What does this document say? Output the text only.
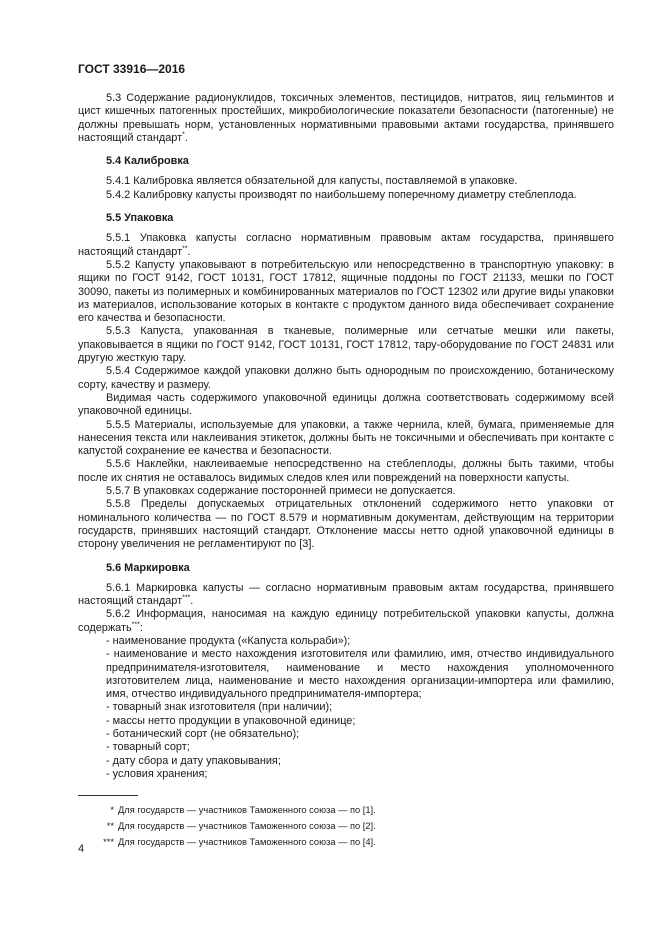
ГОСТ 33916—2016

5.3 Содержание радионуклидов, токсичных элементов, пестицидов, нитратов, яиц гельминтов и цист кишечных патогенных простейших, микробиологические показатели безопасности (патогенные) не должны превышать норм, установленных нормативными правовыми актами государства, принявшего настоящий стандарт*.

5.4 Калибровка

5.4.1 Калибровка является обязательной для капусты, поставляемой в упаковке.

5.4.2 Калибровку капусты производят по наибольшему поперечному диаметру стеблеплода.

5.5 Упаковка

5.5.1 Упаковка капусты согласно нормативным правовым актам государства, принявшего настоящий стандарт**.

5.5.2 Капусту упаковывают в потребительскую или непосредственно в транспортную упаковку: в ящики по ГОСТ 9142, ГОСТ 10131, ГОСТ 17812, ящичные поддоны по ГОСТ 21133, мешки по ГОСТ 30090, пакеты из полимерных и комбинированных материалов по ГОСТ 12302 или другие виды упаковки из материалов, использование которых в контакте с продуктом данного вида обеспечивает сохранение его качества и безопасности.

5.5.3 Капуста, упакованная в тканевые, полимерные или сетчатые мешки или пакеты, упаковывается в ящики по ГОСТ 9142, ГОСТ 10131, ГОСТ 17812, тару-оборудование по ГОСТ 24831 или другую жесткую тару.

5.5.4 Содержимое каждой упаковки должно быть однородным по происхождению, ботаническому сорту, качеству и размеру.

Видимая часть содержимого упаковочной единицы должна соответствовать содержимому всей упаковочной единицы.

5.5.5 Материалы, используемые для упаковки, а также чернила, клей, бумага, применяемые для нанесения текста или наклеивания этикеток, должны быть не токсичными и обеспечивать при контакте с капустой сохранение ее качества и безопасности.

5.5.6 Наклейки, наклеиваемые непосредственно на стеблеплоды, должны быть такими, чтобы после их снятия не оставалось видимых следов клея или повреждений на поверхности капусты.

5.5.7 В упаковках содержание посторонней примеси не допускается.

5.5.8 Пределы допускаемых отрицательных отклонений содержимого нетто упаковки от номинального количества — по ГОСТ 8.579 и нормативным документам, действующим на территории государств, принявших настоящий стандарт. Отклонение массы нетто одной упаковочной единицы в сторону увеличения не регламентируют по [3].

5.6 Маркировка

5.6.1 Маркировка капусты — согласно нормативным правовым актам государства, принявшего настоящий стандарт***.

5.6.2 Информация, наносимая на каждую единицу потребительской упаковки капусты, должна содержать***:

- наименование продукта («Капуста кольраби»);
- наименование и место нахождения изготовителя или фамилию, имя, отчество индивидуального предпринимателя-изготовителя, наименование и место нахождения уполномоченного изготовителем лица, наименование и место нахождения организации-импортера или фамилию, имя, отчество индивидуального предпринимателя-импортера;
- товарный знак изготовителя (при наличии);
- массы нетто продукции в упаковочной единице;
- ботанический сорт (не обязательно);
- товарный сорт;
- дату сбора и дату упаковывания;
- условия хранения;
* Для государств — участников Таможенного союза — по [1].
** Для государств — участников Таможенного союза — по [2].
*** Для государств — участников Таможенного союза — по [4].
4
